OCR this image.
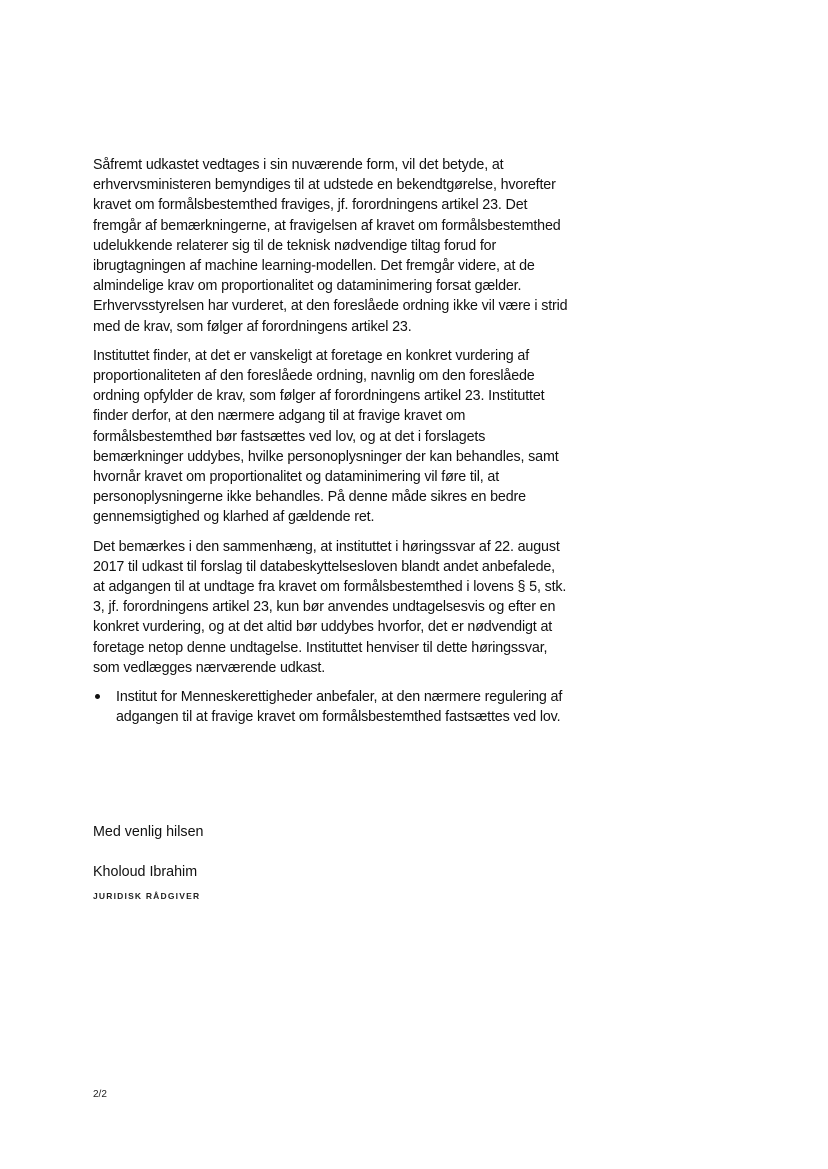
Såfremt udkastet vedtages i sin nuværende form, vil det betyde, at erhvervsministeren bemyndiges til at udstede en bekendtgørelse, hvorefter kravet om formålsbestemthed fraviges, jf. forordningens artikel 23. Det fremgår af bemærkningerne, at fravigelsen af kravet om formålsbestemthed udelukkende relaterer sig til de teknisk nødvendige tiltag forud for ibrugtagningen af machine learning-modellen. Det fremgår videre, at de almindelige krav om proportionalitet og dataminimering forsat gælder. Erhvervsstyrelsen har vurderet, at den foreslåede ordning ikke vil være i strid med de krav, som følger af forordningens artikel 23.

Instituttet finder, at det er vanskeligt at foretage en konkret vurdering af proportionaliteten af den foreslåede ordning, navnlig om den foreslåede ordning opfylder de krav, som følger af forordningens artikel 23. Instituttet finder derfor, at den nærmere adgang til at fravige kravet om formålsbestemthed bør fastsættes ved lov, og at det i forslagets bemærkninger uddybes, hvilke personoplysninger der kan behandles, samt hvornår kravet om proportionalitet og dataminimering vil føre til, at personoplysningerne ikke behandles. På denne måde sikres en bedre gennemsigtighed og klarhed af gældende ret.

Det bemærkes i den sammenhæng, at instituttet i høringssvar af 22. august 2017 til udkast til forslag til databeskyttelsesloven blandt andet anbefalede, at adgangen til at undtage fra kravet om formålsbestemthed i lovens § 5, stk. 3, jf. forordningens artikel 23, kun bør anvendes undtagelsesvis og efter en konkret vurdering, og at det altid bør uddybes hvorfor, det er nødvendigt at foretage netop denne undtagelse. Instituttet henviser til dette høringssvar, som vedlægges nærværende udkast.

Institut for Menneskerettigheder anbefaler, at den nærmere regulering af adgangen til at fravige kravet om formålsbestemthed fastsættes ved lov.
Med venlig hilsen
Kholoud Ibrahim
JURIDISK RÅDGIVER
2/2
